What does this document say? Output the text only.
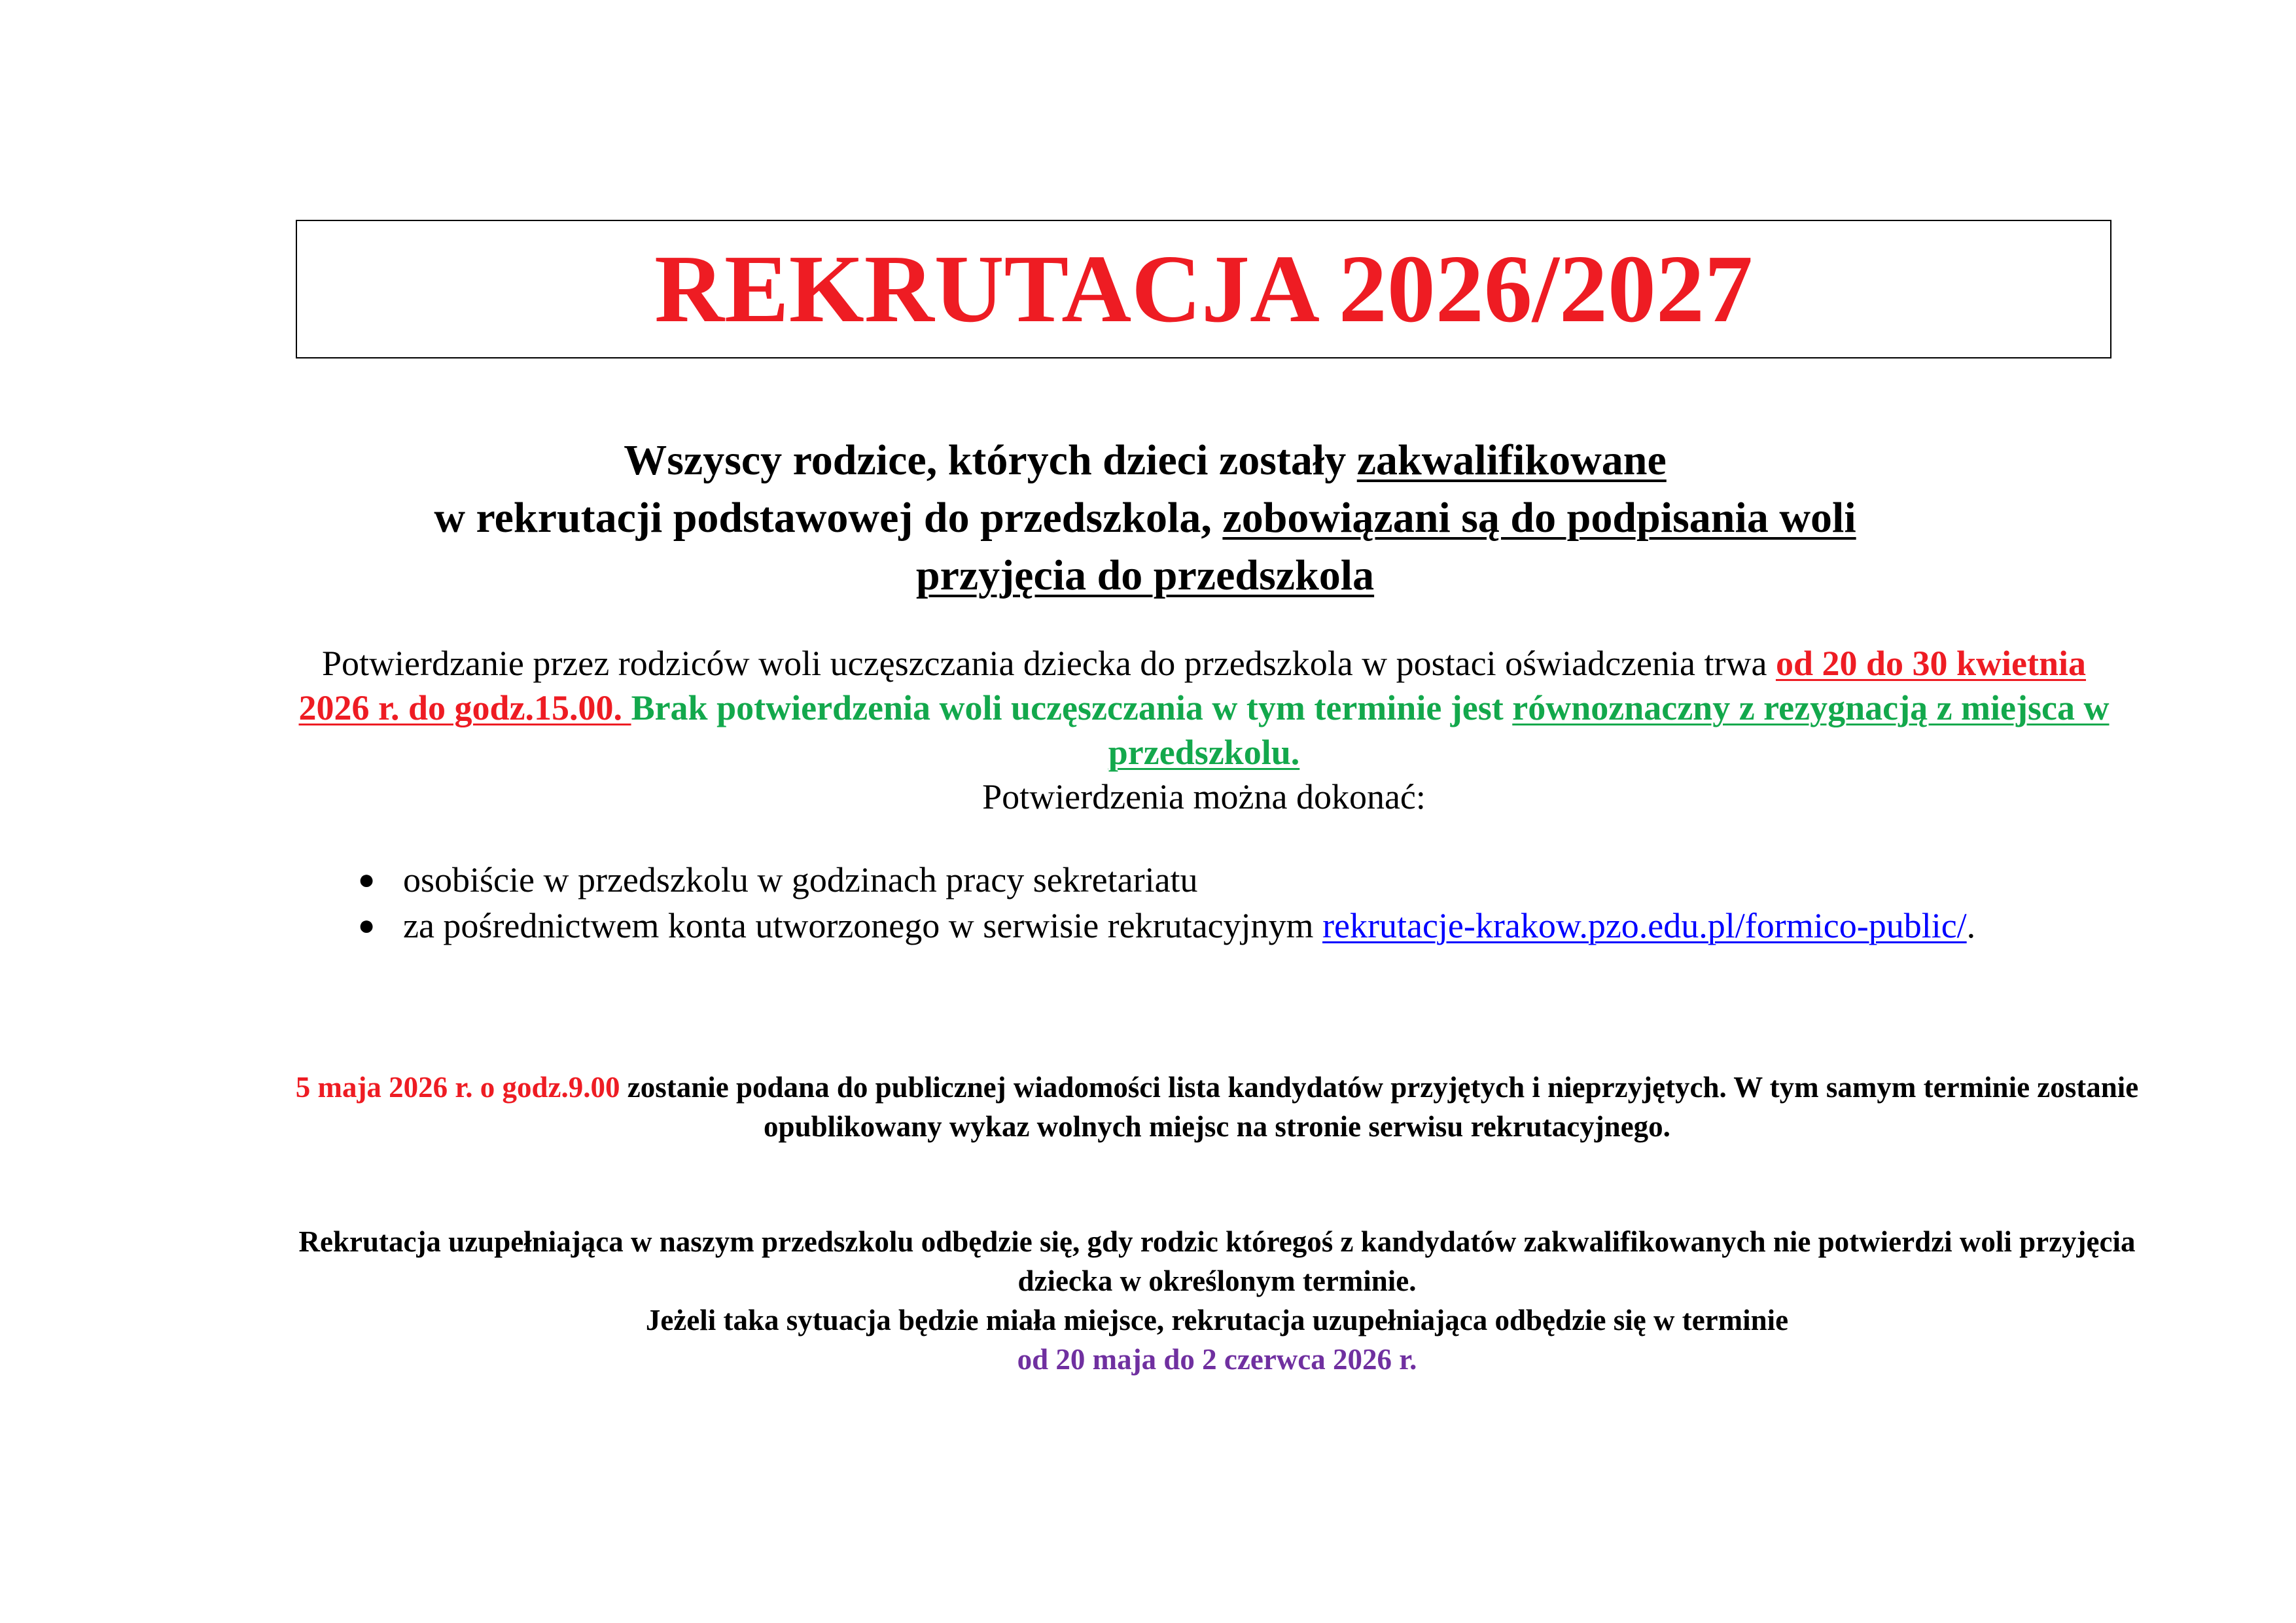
REKRUTACJA 2026/2027
Wszyscy rodzice, których dzieci zostały zakwalifikowane
w rekrutacji podstawowej do przedszkola, zobowiązani są do podpisania woli
przyjęcia do przedszkola
Potwierdzanie przez rodziców woli uczęszczania dziecka do przedszkola w postaci oświadczenia trwa od 20 do 30 kwietnia 2026 r. do godz.15.00. Brak potwierdzenia woli uczęszczania w tym terminie jest równoznaczny z rezygnacją z miejsca w przedszkolu.
Potwierdzenia można dokonać:
● osobiście w przedszkolu w godzinach pracy sekretariatu
● za pośrednictwem konta utworzonego w serwisie rekrutacyjnym rekrutacje-krakow.pzo.edu.pl/formico-public/.
5 maja 2026 r. o godz.9.00 zostanie podana do publicznej wiadomości lista kandydatów przyjętych i nieprzyjętych. W tym samym terminie zostanie opublikowany wykaz wolnych miejsc na stronie serwisu rekrutacyjnego.
Rekrutacja uzupełniająca w naszym przedszkolu odbędzie się, gdy rodzic któregoś z kandydatów zakwalifikowanych nie potwierdzi woli przyjęcia dziecka w określonym terminie.
Jeżeli taka sytuacja będzie miała miejsce, rekrutacja uzupełniająca odbędzie się w terminie
od 20 maja do 2 czerwca 2026 r.
